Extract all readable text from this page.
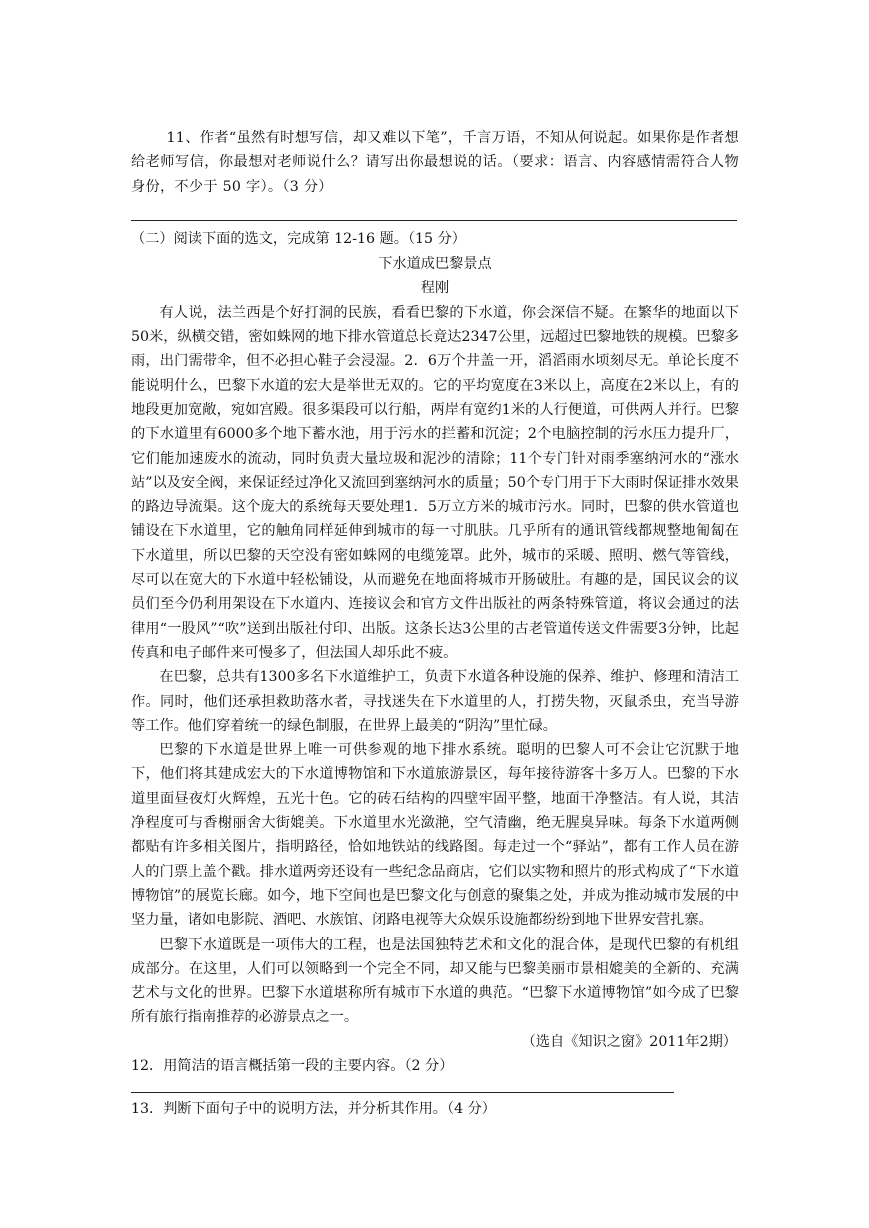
11、作者“虽然有时想写信，却又难以下笔”，千言万语，不知从何说起。如果你是作者想给老师写信，你最想对老师说什么？请写出你最想说的话。（要求：语言、内容感情需符合人物身份，不少于 50 字）。（3 分）

（二）阅读下面的选文，完成第 12-16 题。（15 分）

下水道成巴黎景点

程刚

有人说，法兰西是个好打洞的民族，看看巴黎的下水道，你会深信不疑。在繁华的地面以下 50米，纵横交错，密如蛛网的地下排水管道总长竟达2347公里，远超过巴黎地铁的规模。巴黎多雨，出门需带伞，但不必担心鞋子会浸湿。2．6万个井盖一开，滔滔雨水顷刻尽无。单论长度不能说明什么，巴黎下水道的宏大是举世无双的。它的平均宽度在3米以上，高度在2米以上，有的地段更加宽敞，宛如宫殿。很多渠段可以行船，两岸有宽约1米的人行便道，可供两人并行。巴黎的下水道里有6000多个地下蓄水池，用于污水的拦蓄和沉淀；2个电脑控制的污水压力提升厂，它们能加速废水的流动，同时负责大量垃圾和泥沙的清除；11个专门针对雨季塞纳河水的“涨水站”以及安全阀，来保证经过净化又流回到塞纳河水的质量；50个专门用于下大雨时保证排水效果的路边导流渠。这个庞大的系统每天要处理1．5万立方米的城市污水。同时，巴黎的供水管道也铺设在下水道里，它的触角同样延伸到城市的每一寸肌肤。几乎所有的通讯管线都规整地匍匐在下水道里，所以巴黎的天空没有密如蛛网的电缆笼罩。此外，城市的采暖、照明、燃气等管线，尽可以在宽大的下水道中轻松铺设，从而避免在地面将城市开肠破肚。有趣的是，国民议会的议员们至今仍利用架设在下水道内、连接议会和官方文件出版社的两条特殊管道，将议会通过的法律用“一股风”“吹”送到出版社付印、出版。这条长达3公里的古老管道传送文件需要3分钟，比起传真和电子邮件来可慢多了，但法国人却乐此不疲。

在巴黎，总共有1300多名下水道维护工，负责下水道各种设施的保养、维护、修理和清洁工作。同时，他们还承担救助落水者，寻找迷失在下水道里的人，打捞失物，灭鼠杀虫，充当导游等工作。他们穿着统一的绿色制服，在世界上最美的“阴沟”里忙碌。

巴黎的下水道是世界上唯一可供参观的地下排水系统。聪明的巴黎人可不会让它沉默于地下，他们将其建成宏大的下水道博物馆和下水道旅游景区，每年接待游客十多万人。巴黎的下水道里面昼夜灯火辉煌，五光十色。它的砖石结构的四壁牢固平整，地面干净整洁。有人说，其洁净程度可与香榭丽舍大街媲美。下水道里水光潋滟，空气清幽，绝无腥臭异味。每条下水道两侧都贴有许多相关图片，指明路径，恰如地铁站的线路图。每走过一个“驿站”，都有工作人员在游人的门票上盖个戳。排水道两旁还设有一些纪念品商店，它们以实物和照片的形式构成了“下水道博物馆”的展览长廊。如今，地下空间也是巴黎文化与创意的聚集之处，并成为推动城市发展的中坚力量，诸如电影院、酒吧、水族馆、闭路电视等大众娱乐设施都纷纷到地下世界安营扎寨。

巴黎下水道既是一项伟大的工程，也是法国独特艺术和文化的混合体，是现代巴黎的有机组成部分。在这里，人们可以领略到一个完全不同，却又能与巴黎美丽市景相媲美的全新的、充满艺术与文化的世界。巴黎下水道堪称所有城市下水道的典范。“巴黎下水道博物馆”如今成了巴黎所有旅行指南推荐的必游景点之一。

（选自《知识之窗》2011年2期）

12．用简洁的语言概括第一段的主要内容。（2 分）

13．判断下面句子中的说明方法，并分析其作用。（4 分）
